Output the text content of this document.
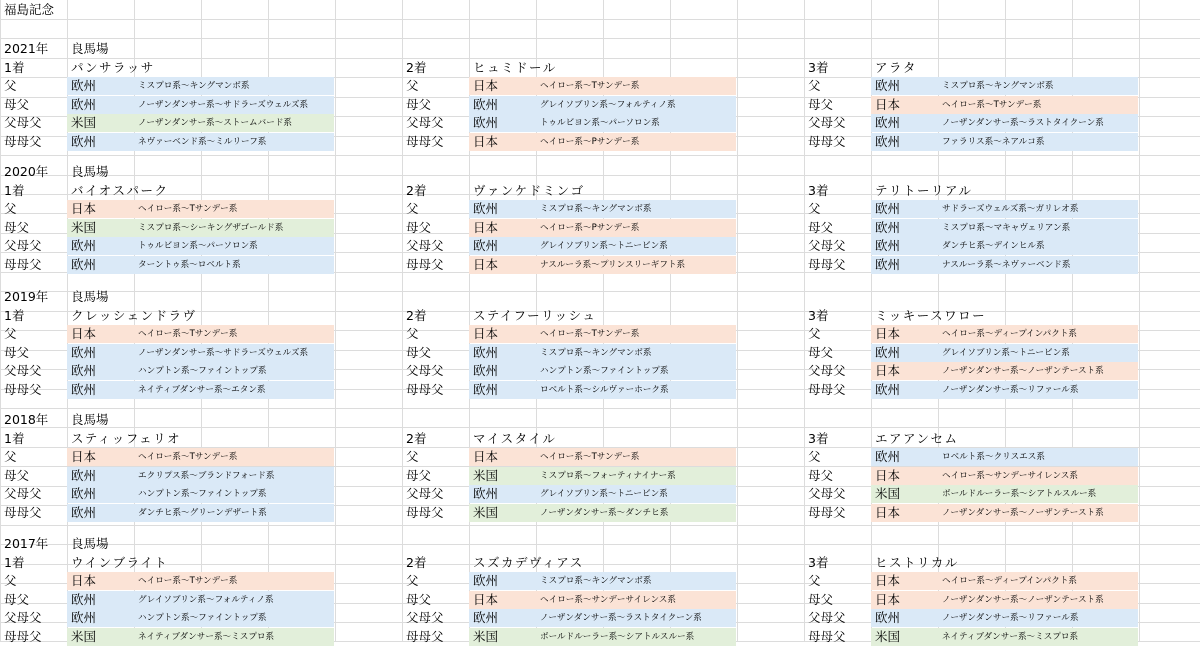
福島記念
2021年 良馬場
1着	パンサラッサ
父	欧州	ミスプロ系～キングマンボ系
母父	欧州	ノーザンダンサー系～サドラーズウェルズ系
父母父 米国	ノーザンダンサー系～ストームバード系
母母父 欧州	ネヴァーベンド系～ミルリーフ系
2着	ヒュミドール
父	日本	ヘイロー系～Tサンデー系
母父	欧州	グレイソブリン系～フォルティノ系
父母父 欧州	トゥルビヨン系～パーソロン系
母母父 日本	ヘイロー系～Pサンデー系
3着	アラタ
父	欧州	ミスプロ系～キングマンボ系
母父	日本	ヘイロー系～Tサンデー系
父母父 欧州	ノーザンダンサー系～ラストタイクーン系
母母父 欧州	ファラリス系～ネアルコ系
2020年 良馬場
1着	バイオスパーク
父	日本	ヘイロー系～Tサンデー系
母父	米国	ミスプロ系～シーキングザゴールド系
父母父 欧州	トゥルビヨン系～パーソロン系
母母父 欧州	ターントゥ系～ロベルト系
2着	ヴァンケドミンゴ
父	欧州	ミスプロ系～キングマンボ系
母父	日本	ヘイロー系～Pサンデー系
父母父 欧州	グレイソブリン系～トニービン系
母母父 日本	ナスルーラ系～プリンスリーギフト系
3着	テリトーリアル
父	欧州	サドラーズウェルズ系～ガリレオ系
母父	欧州	ミスプロ系～マキャヴェリアン系
父母父 欧州	ダンチヒ系～デインヒル系
母母父 欧州	ナスルーラ系～ネヴァーベンド系
2019年 良馬場
1着	クレッシェンドラヴ
父	日本	ヘイロー系～Tサンデー系
母父	欧州	ノーザンダンサー系～サドラーズウェルズ系
父母父 欧州	ハンプトン系～ファイントップ系
母母父 欧州	ネイティブダンサー系～エタン系
2着	ステイフーリッシュ
父	日本	ヘイロー系～Tサンデー系
母父	欧州	ミスプロ系～キングマンボ系
父母父 欧州	ハンプトン系～ファイントップ系
母母父 欧州	ロベルト系～シルヴァーホーク系
3着	ミッキースワロー
父	日本	ヘイロー系～ディープインパクト系
母父	欧州	グレイソブリン系～トニービン系
父母父 日本	ノーザンダンサー系～ノーザンテースト系
母母父 欧州	ノーザンダンサー系～リファール系
2018年 良馬場
1着	スティッフェリオ
父	日本	ヘイロー系～Tサンデー系
母父	欧州	エクリプス系～ブランドフォード系
父母父 欧州	ハンプトン系～ファイントップ系
母母父 欧州	ダンチヒ系～グリーンデザート系
2着	マイスタイル
父	日本	ヘイロー系～Tサンデー系
母父	米国	ミスプロ系～フォーティナイナー系
父母父 欧州	グレイソブリン系～トニービン系
母母父 米国	ノーザンダンサー系～ダンチヒ系
3着	エアアンセム
父	欧州	ロベルト系～クリスエス系
母父	日本	ヘイロー系～サンデーサイレンス系
父母父 米国	ボールドルーラー系～シアトルスルー系
母母父 日本	ノーザンダンサー系～ノーザンテースト系
2017年 良馬場
1着	ウインブライト
父	日本	ヘイロー系～Tサンデー系
母父	欧州	グレイソブリン系～フォルティノ系
父母父 欧州	ハンプトン系～ファイントップ系
母母父 米国	ネイティブダンサー系～ミスプロ系
2着	スズカデヴィアス
父	欧州	ミスプロ系～キングマンボ系
母父	日本	ヘイロー系～サンデーサイレンス系
父母父 欧州	ノーザンダンサー系～ラストタイクーン系
母母父 米国	ボールドルーラー系～シアトルスルー系
3着	ヒストリカル
父	日本	ヘイロー系～ディープインパクト系
母父	日本	ノーザンダンサー系～ノーザンテースト系
父母父 欧州	ノーザンダンサー系～リファール系
母母父 米国	ネイティブダンサー系～ミスプロ系
